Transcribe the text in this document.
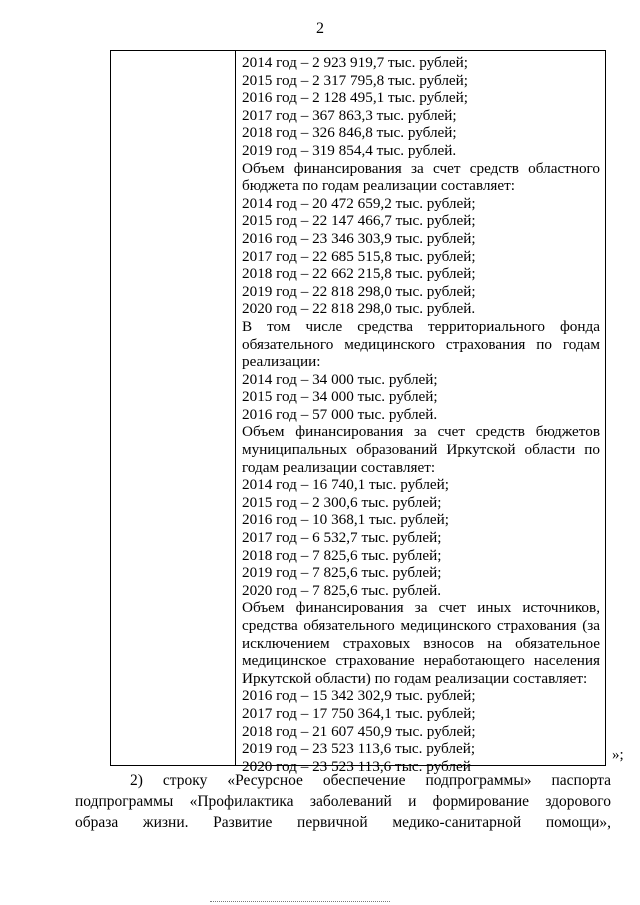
2
2014 год – 2 923 919,7 тыс. рублей;
2015 год – 2 317 795,8 тыс. рублей;
2016 год – 2 128 495,1 тыс. рублей;
2017 год – 367 863,3 тыс. рублей;
2018 год – 326 846,8 тыс. рублей;
2019 год – 319 854,4 тыс. рублей.
Объем финансирования за счет средств областного
бюджета по годам реализации составляет:
2014 год – 20 472 659,2 тыс. рублей;
2015 год – 22 147 466,7 тыс. рублей;
2016 год – 23 346 303,9 тыс. рублей;
2017 год – 22 685 515,8 тыс. рублей;
2018 год – 22 662 215,8 тыс. рублей;
2019 год – 22 818 298,0 тыс. рублей;
2020 год – 22 818 298,0 тыс. рублей.
В том числе средства территориального фонда
обязательного медицинского страхования по годам
реализации:
2014 год – 34 000 тыс. рублей;
2015 год – 34 000 тыс. рублей;
2016 год – 57 000 тыс. рублей.
Объем финансирования за счет средств бюджетов
муниципальных образований Иркутской области по
годам реализации составляет:
2014 год – 16 740,1 тыс. рублей;
2015 год – 2 300,6 тыс. рублей;
2016 год – 10 368,1 тыс. рублей;
2017 год – 6 532,7 тыс. рублей;
2018 год – 7 825,6 тыс. рублей;
2019 год – 7 825,6 тыс. рублей;
2020 год – 7 825,6 тыс. рублей.
Объем финансирования за счет иных источников,
средства обязательного медицинского страхования (за
исключением страховых взносов на обязательное
медицинское страхование неработающего населения
Иркутской области) по годам реализации составляет:
2016 год – 15 342 302,9 тыс. рублей;
2017 год – 17 750 364,1 тыс. рублей;
2018 год – 21 607 450,9 тыс. рублей;
2019 год – 23 523 113,6 тыс. рублей;
2020 год – 23 523 113,6 тыс. рублей
»;
2) строку «Ресурсное обеспечение подпрограммы» паспорта
подпрограммы «Профилактика заболеваний и формирование здорового
образа жизни. Развитие первичной медико-санитарной помощи»,
